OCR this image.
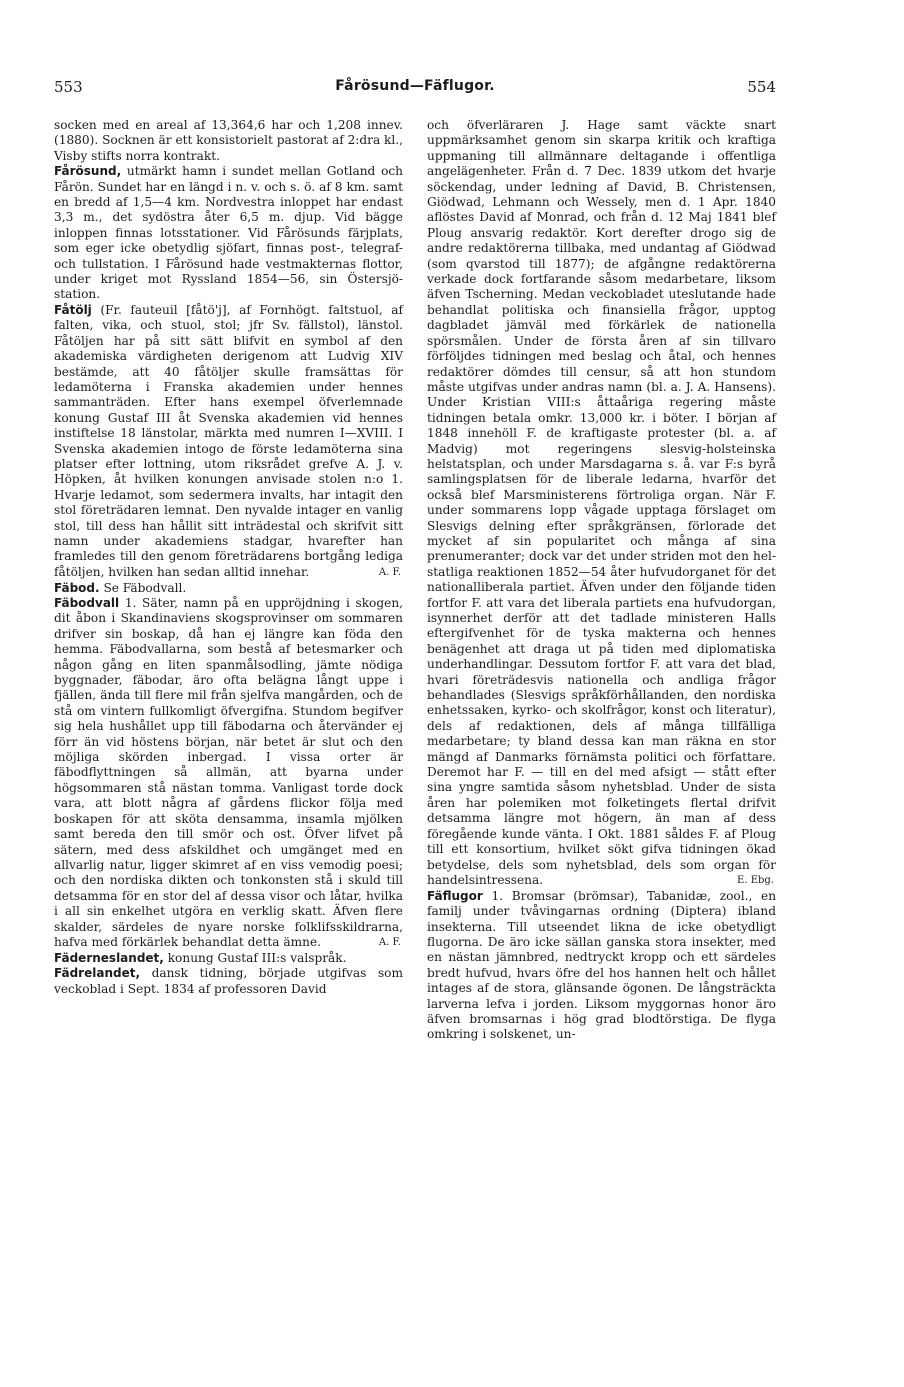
553	Fårösund—Fäflugor.	554

socken med en areal af 13,364,6 har och 1,208 innev. (1880). Socknen är ett konsistorielt pastorat af 2:dra kl., Visby stifts norra kontrakt.

Fårösund, utmärkt hamn i sundet mellan Gotland och Fårön. Sundet har en längd i n. v. och s. ö. af 8 km. samt en bredd af 1,5—4 km. Nordvestra inloppet har endast 3,3 m., det sydöstra åter 6,5 m. djup. Vid bägge inloppen finnas lotsstationer. Vid Fårösunds färjplats, som eger icke obetydlig sjöfart, finnas post-, telegraf- och tullstation. I Fårösund hade vestmakternas flottor, under kriget mot Ryssland 1854—56, sin Östersjö-station.

Fåtölj (Fr. fauteuil [fåtö'j], af Fornhögt. faltstuol, af falten, vika, och stuol, stol; jfr Sv. fällstol), länstol. Fåtöljen har på sitt sätt blifvit en symbol af den akademiska värdigheten derigenom att Ludvig XIV bestämde, att 40 fåtöljer skulle framsättas för ledamöterna i Franska akademien under hennes sammanträden. Efter hans exempel öfverlemnade konung Gustaf III åt Svenska akademien vid hennes instiftelse 18 länstolar, märkta med numren I—XVIII. I Svenska akademien intogo de förste ledamöterna sina platser efter lottning, utom riksrådet grefve A. J. v. Höpken, åt hvilken konungen anvisade stolen n:o 1. Hvarje ledamot, som sedermera invalts, har intagit den stol företrädaren lemnat. Den nyvalde intager en vanlig stol, till dess han hållit sitt inträdestal och skrifvit sitt namn under akademiens stadgar, hvarefter han framledes till den genom företrädarens bortgång lediga fåtöljen, hvilken han sedan alltid innehar.	A. F.

Fäbod. Se Fäbodvall.

Fäbodvall 1. Säter, namn på en uppröjdning i skogen, dit åbon i Skandinaviens skogsprovinser om sommaren drifver sin boskap, då han ej längre kan föda den hemma. Fäbodvallarna, som bestå af betesmarker och någon gång en liten spanmålsodling, jämte nödiga byggnader, fäbodar, äro ofta belägna långt uppe i fjällen, ända till flere mil från sjelfva mangården, och de stå om vintern fullkomligt öfvergifna. Stundom begifver sig hela hushållet upp till fäbodarna och återvänder ej förr än vid höstens början, när betet är slut och den möjliga skörden inbergad. I vissa orter är fäbodflyttningen så allmän, att byarna under högsommaren stå nästan tomma. Vanligast torde dock vara, att blott några af gårdens flickor följa med boskapen för att sköta densamma, insamla mjölken samt bereda den till smör och ost. Öfver lifvet på sätern, med dess afskildhet och umgänget med en allvarlig natur, ligger skimret af en viss vemodig poesi; och den nordiska dikten och tonkonsten stå i skuld till detsamma för en stor del af dessa visor och låtar, hvilka i all sin enkelhet utgöra en verklig skatt. Äfven flere skalder, särdeles de nyare norske folklifsskildrarna, hafva med förkärlek behandlat detta ämne.	A. F.

Fäderneslandet, konung Gustaf III:s valspråk.

Fädrelandet, dansk tidning, började utgifvas som veckoblad i Sept. 1834 af professoren David

och öfverläraren J. Hage samt väckte snart uppmärksamhet genom sin skarpa kritik och kraftiga uppmaning till allmännare deltagande i offentliga angelägenheter. Från d. 7 Dec. 1839 utkom det hvarje söckendag, under ledning af David, B. Christensen, Giödwad, Lehmann och Wessely, men d. 1 Apr. 1840 aflöstes David af Monrad, och från d. 12 Maj 1841 blef Ploug ansvarig redaktör. Kort derefter drogo sig de andre redaktörerna tillbaka, med undantag af Giödwad (som qvarstod till 1877); de afgångne redaktörerna verkade dock fortfarande såsom medarbetare, liksom äfven Tscherning. Medan veckobladet uteslutande hade behandlat politiska och finansiella frågor, upptog dagbladet jämväl med förkärlek de nationella spörsmålen. Under de första åren af sin tillvaro förföljdes tidningen med beslag och åtal, och hennes redaktörer dömdes till censur, så att hon stundom måste utgifvas under andras namn (bl. a. J. A. Hansens). Under Kristian VIII:s åttaåriga regering måste tidningen betala omkr. 13,000 kr. i böter. I början af 1848 innehöll F. de kraftigaste protester (bl. a. af Madvig) mot regeringens slesvig-holsteinska helstatsplan, och under Marsdagarna s. å. var F:s byrå samlingsplatsen för de liberale ledarna, hvarför det också blef Marsministerens förtroliga organ. När F. under sommarens lopp vågade upptaga förslaget om Slesvigs delning efter språkgränsen, förlorade det mycket af sin popularitet och många af sina prenumeranter; dock var det under striden mot den hel-statliga reaktionen 1852—54 åter hufvudorganet för det nationalliberala partiet. Äfven under den följande tiden fortfor F. att vara det liberala partiets ena hufvudorgan, isynnerhet derför att det tadlade ministeren Halls eftergifvenhet för de tyska makterna och hennes benägenhet att draga ut på tiden med diplomatiska underhandlingar. Dessutom fortfor F. att vara det blad, hvari företrädesvis nationella och andliga frågor behandlades (Slesvigs språkförhållanden, den nordiska enhetssaken, kyrko- och skolfrågor, konst och literatur), dels af redaktionen, dels af många tillfälliga medarbetare; ty bland dessa kan man räkna en stor mängd af Danmarks förnämsta politici och författare. Deremot har F. — till en del med afsigt — stått efter sina yngre samtida såsom nyhetsblad. Under de sista åren har polemiken mot folketingets flertal drifvit detsamma längre mot högern, än man af dess föregående kunde vänta. I Okt. 1881 såldes F. af Ploug till ett konsortium, hvilket sökt gifva tidningen ökad betydelse, dels som nyhetsblad, dels som organ för handelsintressena.	E. Ebg.

Fäflugor 1. Bromsar (brömsar), Tabanidæ, zool., en familj under tvåvingarnas ordning (Diptera) ibland insekterna. Till utseendet likna de icke obetydligt flugorna. De äro icke sällan ganska stora insekter, med en nästan jämnbred, nedtryckt kropp och ett särdeles bredt hufvud, hvars öfre del hos hannen helt och hållet intages af de stora, glänsande ögonen. De långsträckta larverna lefva i jorden. Liksom myggornas honor äro äfven bromsarnas i hög grad blodtörstiga. De flyga omkring i solskenet, un-
